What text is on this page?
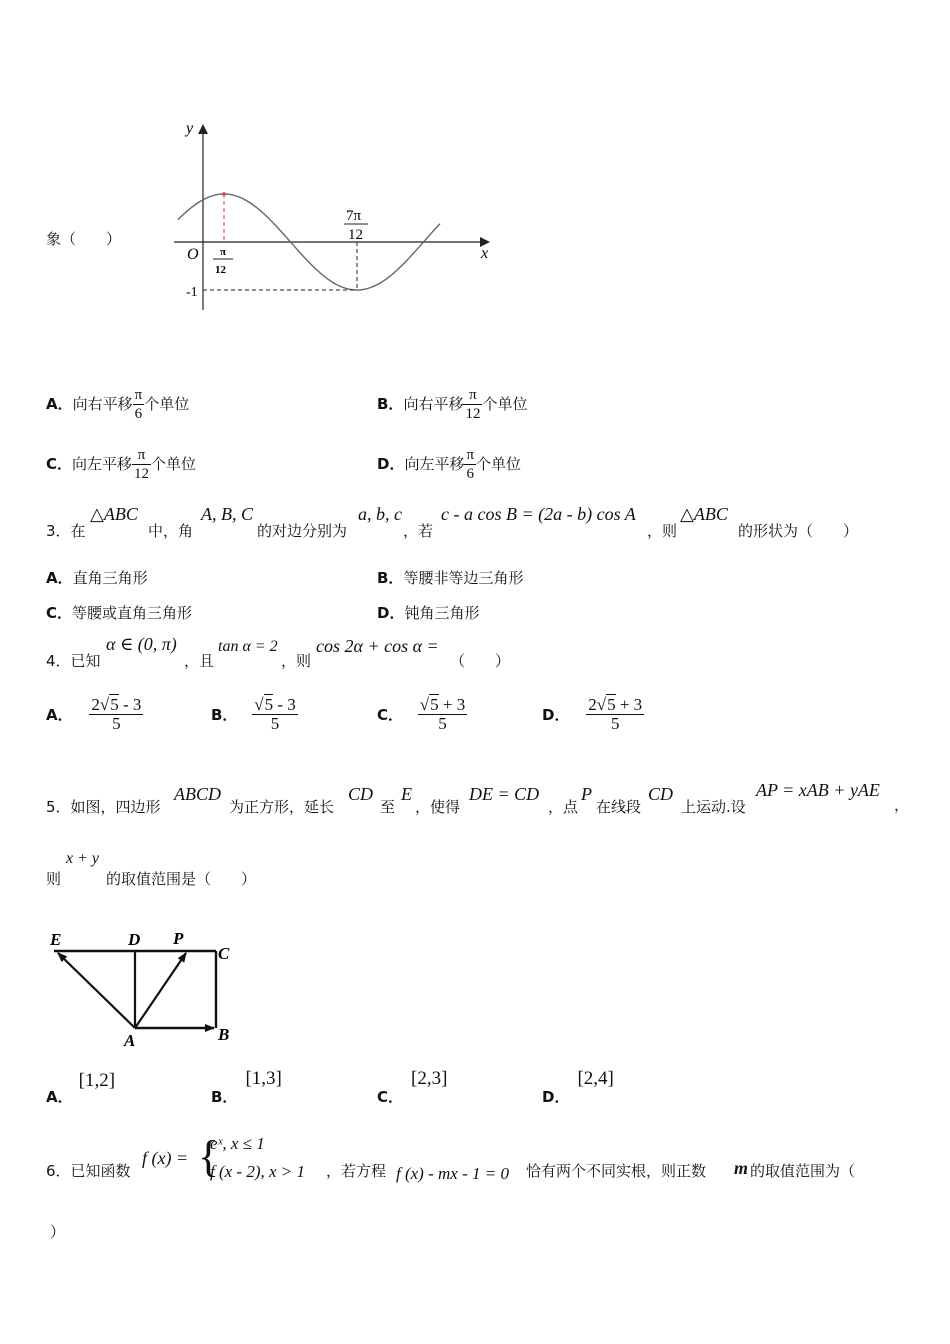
象（　　）
y
x
O π
12
7π
12
-1
A．向右平移 $\frac{\pi}{6}$ 个单位	B．向右平移 $\frac{\pi}{12}$ 个单位
C．向左平移 $\frac{\pi}{12}$ 个单位	D．向左平移 $\frac{\pi}{6}$ 个单位
3．在
△ABC
中，角
A, B, C
的对边分别为
a, b, c
，若
c - a cos B = (2a - b) cos A
，则
△ABC
的形状为（　　）
A．直角三角形	B．等腰非等边三角形
C．等腰或直角三角形	D．钝角三角形
4．已知
α ∈ (0, π)
，且
tan α = 2
，则
cos 2α + cos α =
（　　）
A． $\frac{2√5 - 3}{5}$	B． $\frac{√5 - 3}{5}$	C． $\frac{√5 + 3}{5}$	D． $\frac{2√5 + 3}{5}$
5．如图，四边形
ABCD
为正方形，延长
CD
至
E
，使得
DE = CD
，点
P
在线段
CD
上运动.设
AP = xAB + yAE
，
则
x + y
的取值范围是（　　）
E	D P
C
A	B
A．[1,2]
B．[1,3]
C．[2,3]
D．[2,4]
6．已知函数
f (x) = {
eˣ, x ≤ 1
f (x - 2), x > 1 ，若方程 f (x) - mx - 1 = 0 恰有两个不同实根，则正数 m 的取值范围为（
）
